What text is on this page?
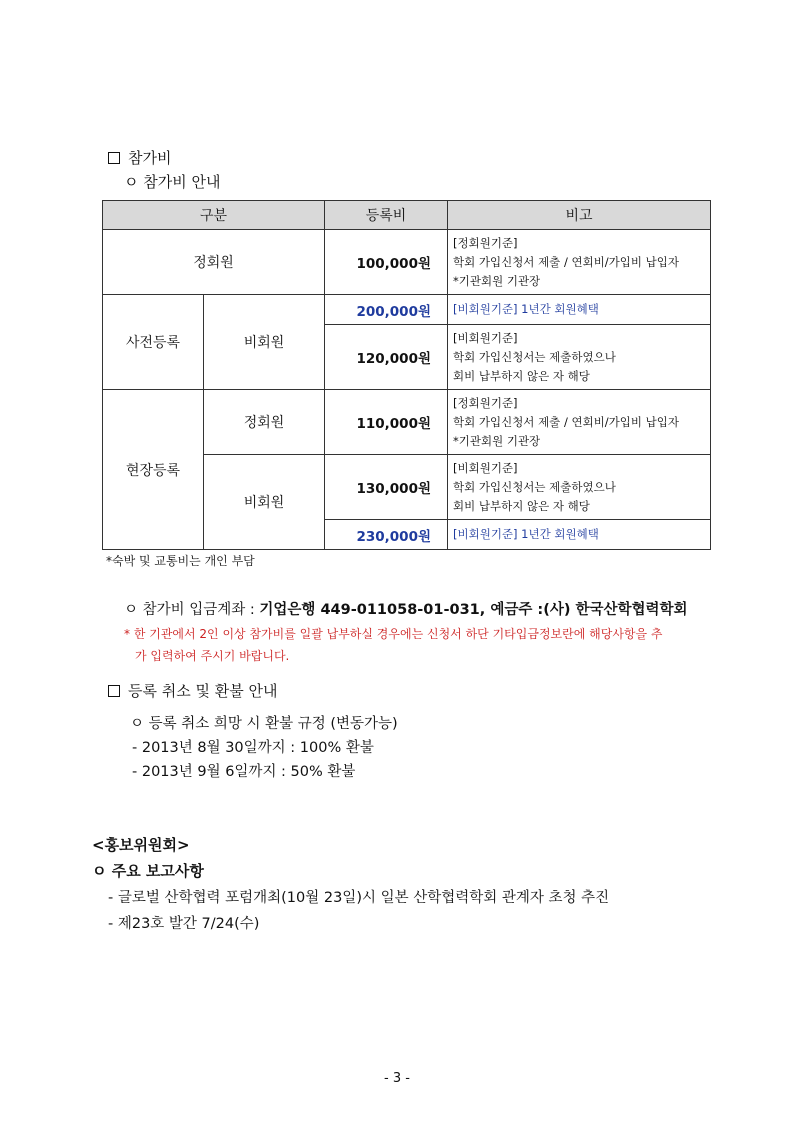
참가비
ㅇ 참가비 안내
구분		등록비	비고
정회원		100,000원	[정회원기준]
학회 가입신청서 제출 / 연회비/가입비 납입자
*기관회원 기관장

사전등록	비회원	200,000원	[비회원기준] 1년간 회원혜택

		120,000원	[비회원기준]
학회 가입신청서는 제출하였으나
회비 납부하지 않은 자 해당

현장등록	정회원	110,000원	[정회원기준]
학회 가입신청서 제출 / 연회비/가입비 납입자
*기관회원 기관장

	비회원	130,000원	[비회원기준]
학회 가입신청서는 제출하였으나
회비 납부하지 않은 자 해당

		230,000원	[비회원기준] 1년간 회원혜택
*숙박 및 교통비는 개인 부담
ㅇ 참가비 입금계좌 : 기업은행 449-011058-01-031, 예금주 :(사) 한국산학협력학회
* 한 기관에서 2인 이상 참가비를 일괄 납부하실 경우에는 신청서 하단 기타입금정보란에 해당사항을 추
가 입력하여 주시기 바랍니다.
등록 취소 및 환불 안내
ㅇ 등록 취소 희망 시 환불 규정 (변동가능)
- 2013년 8월 30일까지 : 100% 환불
- 2013년 9월 6일까지 : 50% 환불
<홍보위원회>
ㅇ 주요 보고사항
- 글로벌 산학협력 포럼개최(10월 23일)시 일본 산학협력학회 관계자 초청 추진
- 제23호 발간 7/24(수)
- 3 -
